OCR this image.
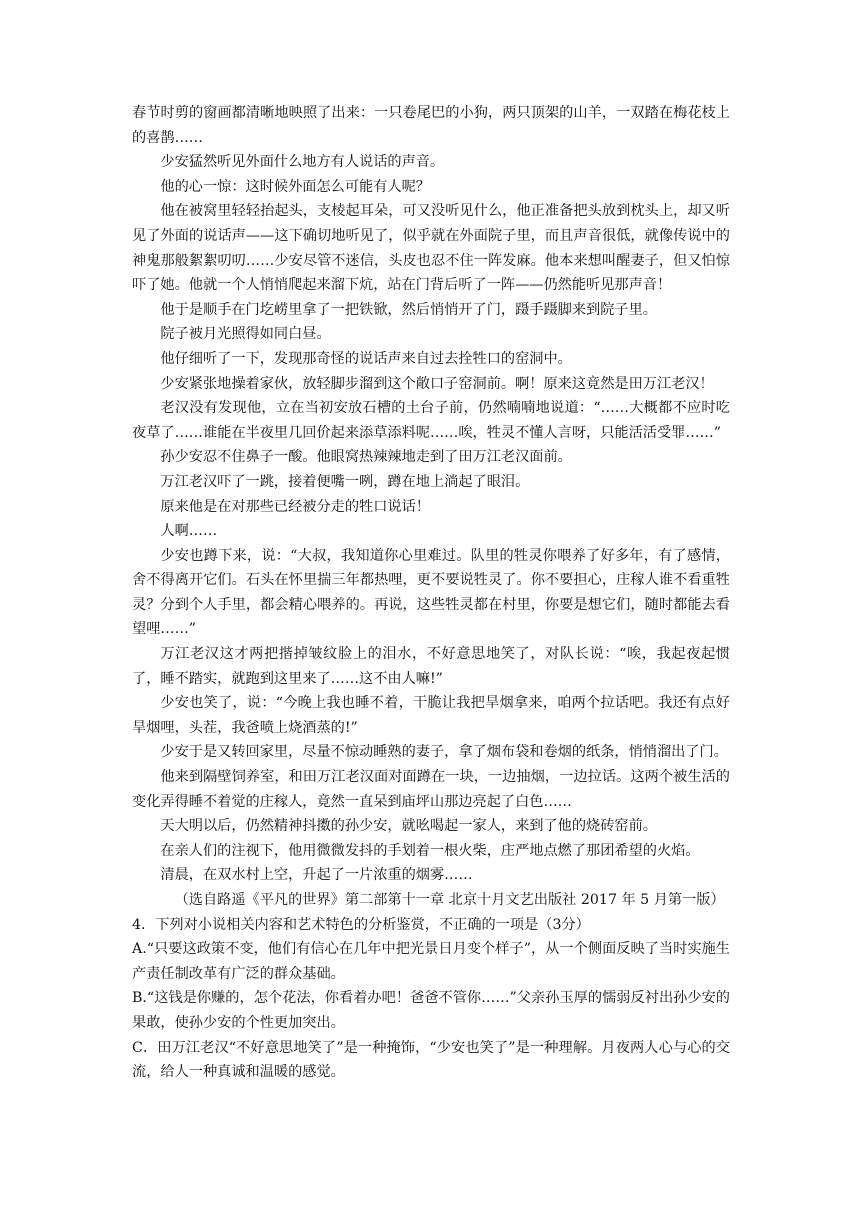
春节时剪的窗画都清晰地映照了出来：一只卷尾巴的小狗，两只顶架的山羊，一双踏在梅花枝上的喜鹊……

少安猛然听见外面什么地方有人说话的声音。

他的心一惊：这时候外面怎么可能有人呢？

他在被窝里轻轻抬起头，支棱起耳朵，可又没听见什么，他正准备把头放到枕头上，却又听见了外面的说话声——这下确切地听见了，似乎就在外面院子里，而且声音很低，就像传说中的神鬼那般絮絮叨叨……少安尽管不迷信，头皮也忍不住一阵发麻。他本来想叫醒妻子，但又怕惊吓了她。他就一个人悄悄爬起来溜下炕，站在门背后听了一阵——仍然能听见那声音！

他于是顺手在门圪崂里拿了一把铁锨，然后悄悄开了门，蹑手蹑脚来到院子里。

院子被月光照得如同白昼。

他仔细听了一下，发现那奇怪的说话声来自过去拴牲口的窑洞中。

少安紧张地操着家伙，放轻脚步溜到这个敞口子窑洞前。啊！原来这竟然是田万江老汉！

老汉没有发现他，立在当初安放石槽的土台子前，仍然喃喃地说道：“……大概都不应时吃夜草了……谁能在半夜里几回价起来添草添料呢……唉，牲灵不懂人言呀，只能活活受罪……”

孙少安忍不住鼻子一酸。他眼窝热辣辣地走到了田万江老汉面前。

万江老汉吓了一跳，接着便嘴一咧，蹲在地上淌起了眼泪。

原来他是在对那些已经被分走的牲口说话！

人啊……

少安也蹲下来，说：“大叔，我知道你心里难过。队里的牲灵你喂养了好多年，有了感情，舍不得离开它们。石头在怀里揣三年都热哩，更不要说牲灵了。你不要担心，庄稼人谁不看重牲灵？分到个人手里，都会精心喂养的。再说，这些牲灵都在村里，你要是想它们，随时都能去看望哩……”

万江老汉这才两把揩掉皱纹脸上的泪水，不好意思地笑了，对队长说：“唉，我起夜起惯了，睡不踏实，就跑到这里来了……这不由人嘛!”

少安也笑了，说：“今晚上我也睡不着，干脆让我把旱烟拿来，咱两个拉话吧。我还有点好旱烟哩，头茬，我爸喷上烧酒蒸的!”

少安于是又转回家里，尽量不惊动睡熟的妻子，拿了烟布袋和卷烟的纸条，悄悄溜出了门。

他来到隔壁饲养室，和田万江老汉面对面蹲在一块，一边抽烟，一边拉话。这两个被生活的变化弄得睡不着觉的庄稼人，竟然一直呆到庙坪山那边亮起了白色……

天大明以后，仍然精神抖擞的孙少安，就吆喝起一家人，来到了他的烧砖窑前。

在亲人们的注视下，他用微微发抖的手划着一根火柴，庄严地点燃了那团希望的火焰。

清晨，在双水村上空，升起了一片浓重的烟雾……

（选自路遥《平凡的世界》第二部第十一章 北京十月文艺出版社 2017 年 5 月第一版）

4．下列对小说相关内容和艺术特色的分析鉴赏，不正确的一项是（3分）

A.“只要这政策不变，他们有信心在几年中把光景日月变个样子”，从一个侧面反映了当时实施生产责任制改革有广泛的群众基础。

B.“这钱是你赚的，怎个花法，你看着办吧！爸爸不管你……”父亲孙玉厚的懦弱反衬出孙少安的果敢，使孙少安的个性更加突出。

C．田万江老汉“不好意思地笑了”是一种掩饰，“少安也笑了”是一种理解。月夜两人心与心的交流，给人一种真诚和温暖的感觉。
